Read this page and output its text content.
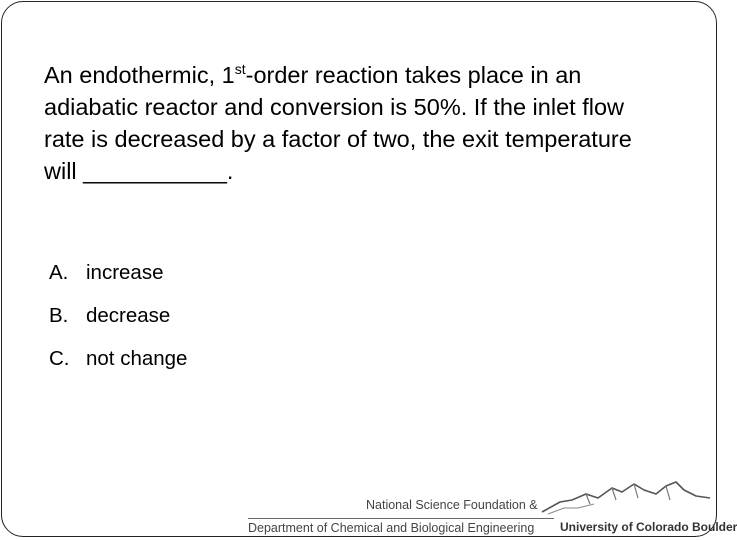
An endothermic, 1st-order reaction takes place in an adiabatic reactor and conversion is 50%. If the inlet flow rate is decreased by a factor of two, the exit temperature will ___________.

A. increase
B. decrease
C. not change
National Science Foundation &
Department of Chemical and Biological Engineering University of Colorado Boulder
